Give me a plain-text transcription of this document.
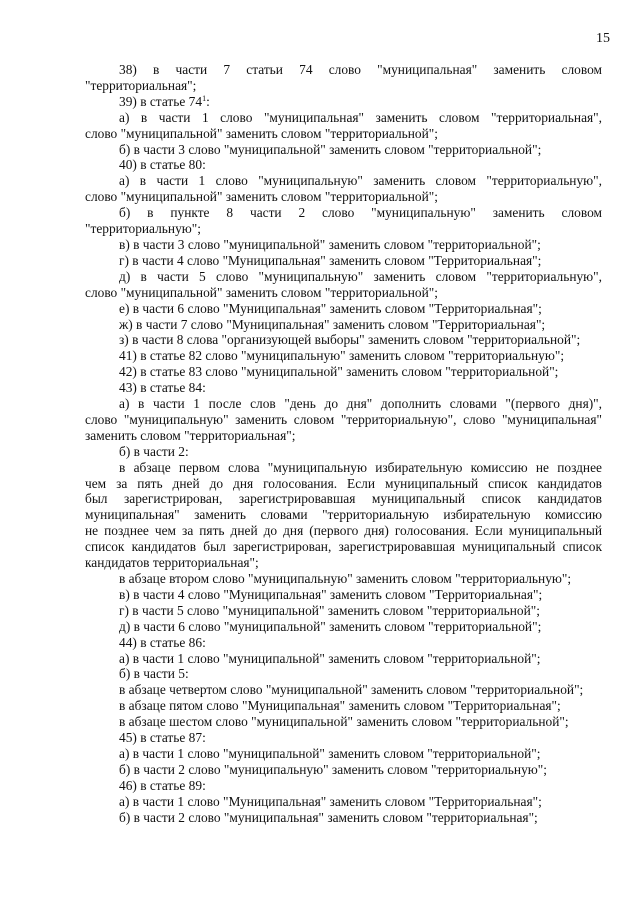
15
38) в части 7 статьи 74 слово "муниципальная" заменить словом
"территориальная";
39) в статье $74^1$:
а) в части 1 слово "муниципальная" заменить словом "территориальная",
слово "муниципальной" заменить словом "территориальной";
б) в части 3 слово "муниципальной" заменить словом "территориальной";
40) в статье 80:
а) в части 1 слово "муниципальную" заменить словом "территориальную",
слово "муниципальной" заменить словом "территориальной";
б) в пункте 8 части 2 слово "муниципальную" заменить словом
"территориальную";
в) в части 3 слово "муниципальной" заменить словом "территориальной";
г) в части 4 слово "Муниципальная" заменить словом "Территориальная";
д) в части 5 слово "муниципальную" заменить словом "территориальную",
слово "муниципальной" заменить словом "территориальной";
е) в части 6 слово "Муниципальная" заменить словом "Территориальная";
ж) в части 7 слово "Муниципальная" заменить словом "Территориальная";
з) в части 8 слова "организующей выборы" заменить словом "территориальной";
41) в статье 82 слово "муниципальную" заменить словом "территориальную";
42) в статье 83 слово "муниципальной" заменить словом "территориальной";
43) в статье 84:
а) в части 1 после слов "день до дня" дополнить словами "(первого дня)",
слово "муниципальную" заменить словом "территориальную", слово "муниципальная"
заменить словом "территориальная";
б) в части 2:
в абзаце первом слова "муниципальную избирательную комиссию не позднее
чем за пять дней до дня голосования. Если муниципальный список кандидатов
был зарегистрирован, зарегистрировавшая муниципальный список кандидатов
муниципальная" заменить словами "территориальную избирательную комиссию
не позднее чем за пять дней до дня (первого дня) голосования. Если муниципальный
список кандидатов был зарегистрирован, зарегистрировавшая муниципальный список
кандидатов территориальная";
в абзаце втором слово "муниципальную" заменить словом "территориальную";
в) в части 4 слово "Муниципальная" заменить словом "Территориальная";
г) в части 5 слово "муниципальной" заменить словом "территориальной";
д) в части 6 слово "муниципальной" заменить словом "территориальной";
44) в статье 86:
а) в части 1 слово "муниципальной" заменить словом "территориальной";
б) в части 5:
в абзаце четвертом слово "муниципальной" заменить словом "территориальной";
в абзаце пятом слово "Муниципальная" заменить словом "Территориальная";
в абзаце шестом слово "муниципальной" заменить словом "территориальной";
45) в статье 87:
а) в части 1 слово "муниципальной" заменить словом "территориальной";
б) в части 2 слово "муниципальную" заменить словом "территориальную";
46) в статье 89:
а) в части 1 слово "Муниципальная" заменить словом "Территориальная";
б) в части 2 слово "муниципальная" заменить словом "территориальная";
